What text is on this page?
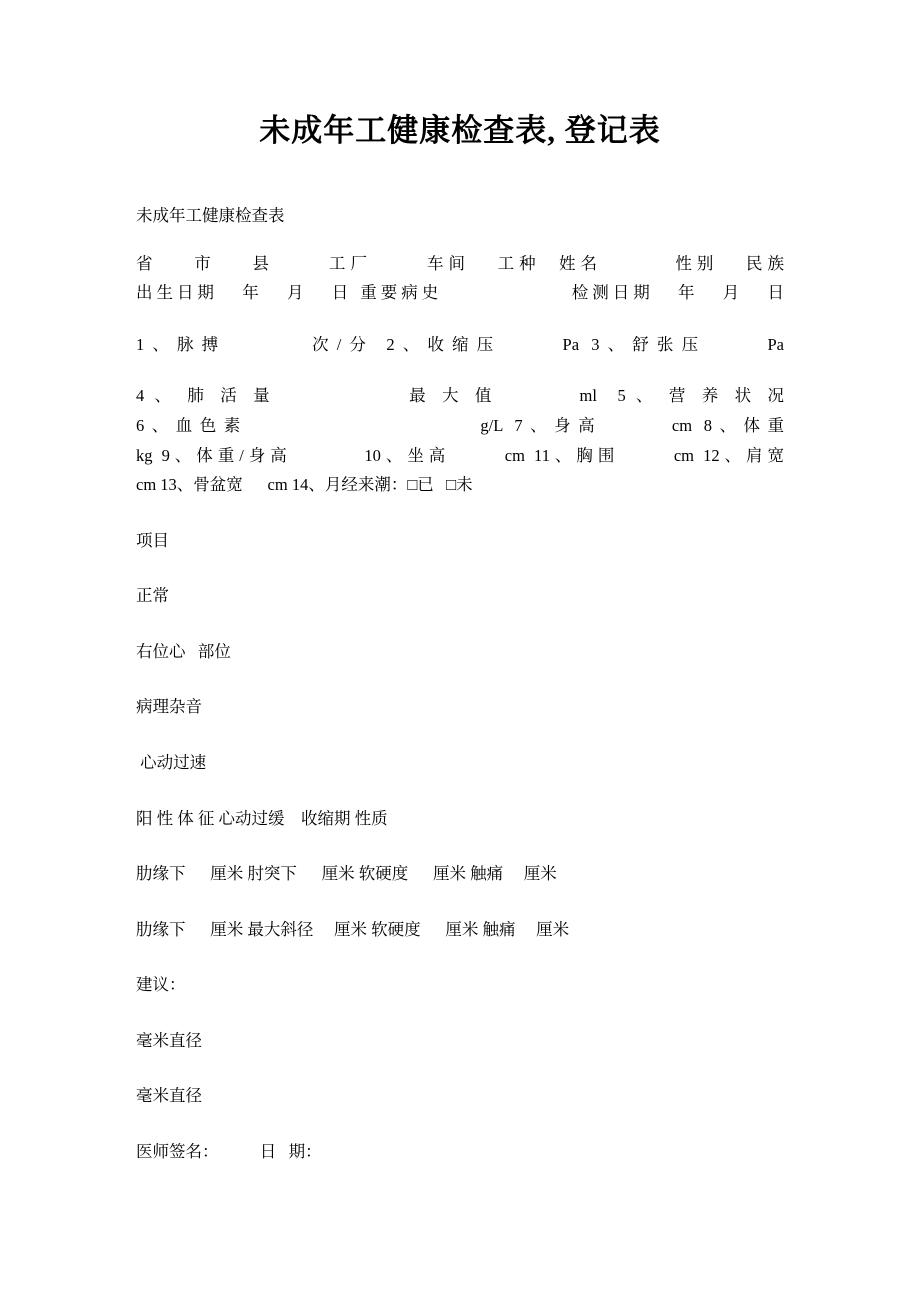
未成年工健康检查表, 登记表
未成年工健康检查表
省    市    县      工厂      车间   工种  姓名        性别   民族
出生日期   年   月   日 重要病史                检测日期   年   月   日
1、脉搏       次/分 2、收缩压     Pa 3、舒张压     Pa
4 、 肺 活 量             最 大 值        ml  5 、 营 养 状 况
6、血色素                    g/L 7、身高      cm 8、体重
kg 9、体重/身高        10、坐高      cm 11、胸围      cm 12、肩宽
cm 13、骨盆宽      cm 14、月经来潮：□已   □未
项目
正常
右位心   部位
病理杂音
心动过速
阳 性 体 征 心动过缓    收缩期 性质
肋缘下      厘米 肘突下      厘米 软硬度      厘米 触痛     厘米
肋缘下      厘米 最大斜径     厘米 软硬度      厘米 触痛     厘米
建议：
毫米直径
毫米直径
医师签名：          日   期：
